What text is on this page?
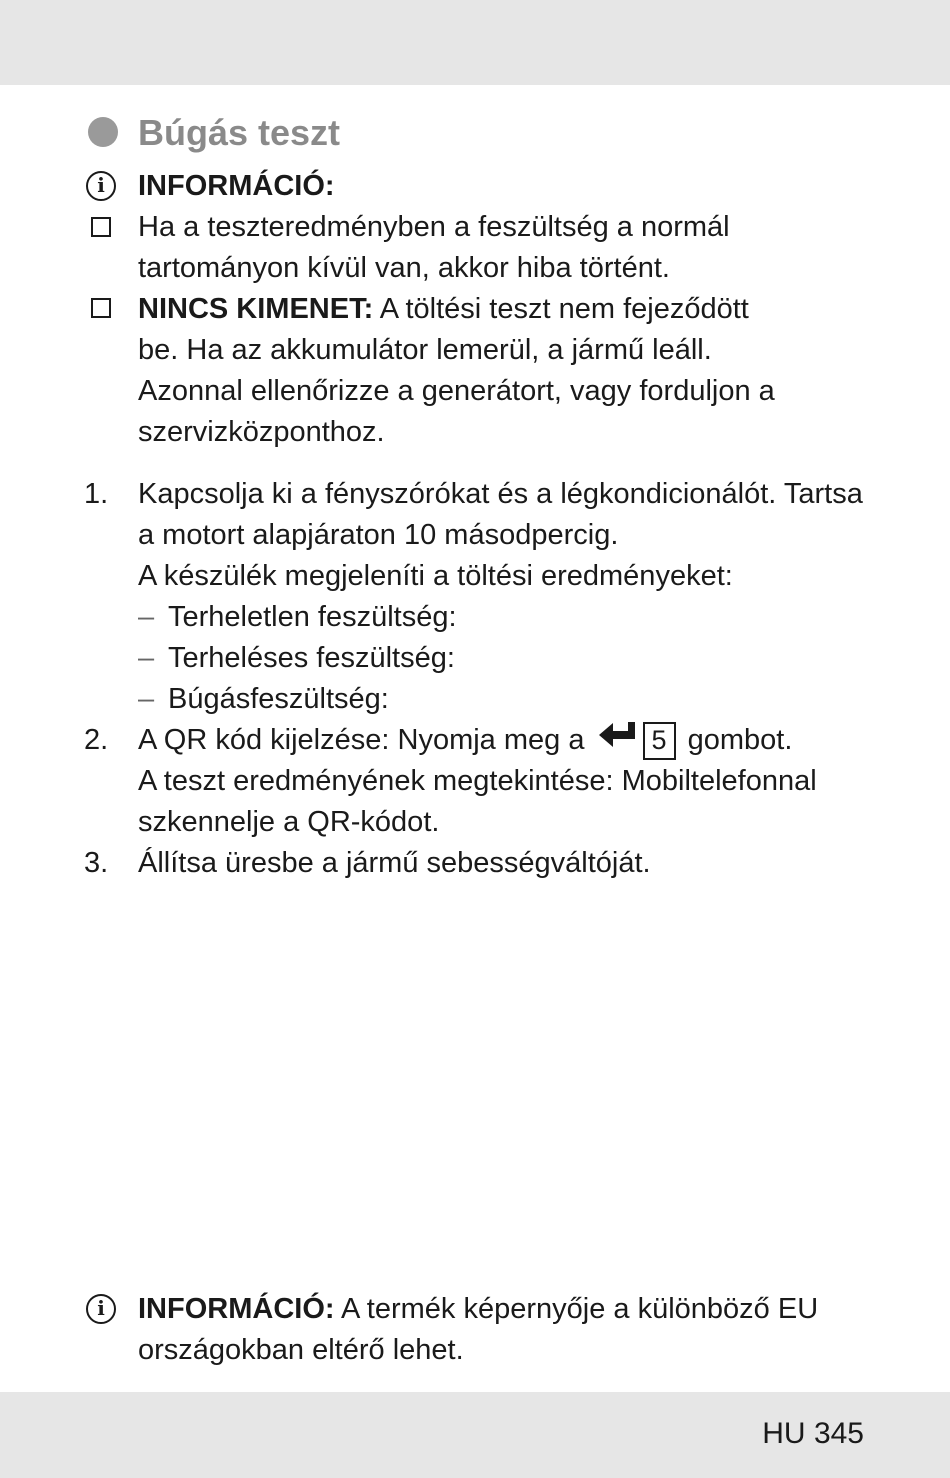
Búgás teszt
i	INFORMÁCIÓ:
Ha a teszteredményben a feszültség a normál
tartományon kívül van, akkor hiba történt.
NINCS KIMENET: A töltési teszt nem fejeződött
be. Ha az akkumulátor lemerül, a jármű leáll.
Azonnal ellenőrizze a generátort, vagy forduljon a
szervizközponthoz.
1.	Kapcsolja ki a fényszórókat és a légkondicionálót. Tartsa
a motort alapjáraton 10 másodpercig.
A készülék megjeleníti a töltési eredményeket:
– Terheletlen feszültség:
– Terheléses feszültség:
– Búgásfeszültség:
2.	A QR kód kijelzése: Nyomja meg a 5 gombot.
A teszt eredményének megtekintése: Mobiltelefonnal
szkennelje a QR-kódot.
3.	Állítsa üresbe a jármű sebességváltóját.
i	INFORMÁCIÓ: A termék képernyője a különböző EU
országokban eltérő lehet.
HU 345
